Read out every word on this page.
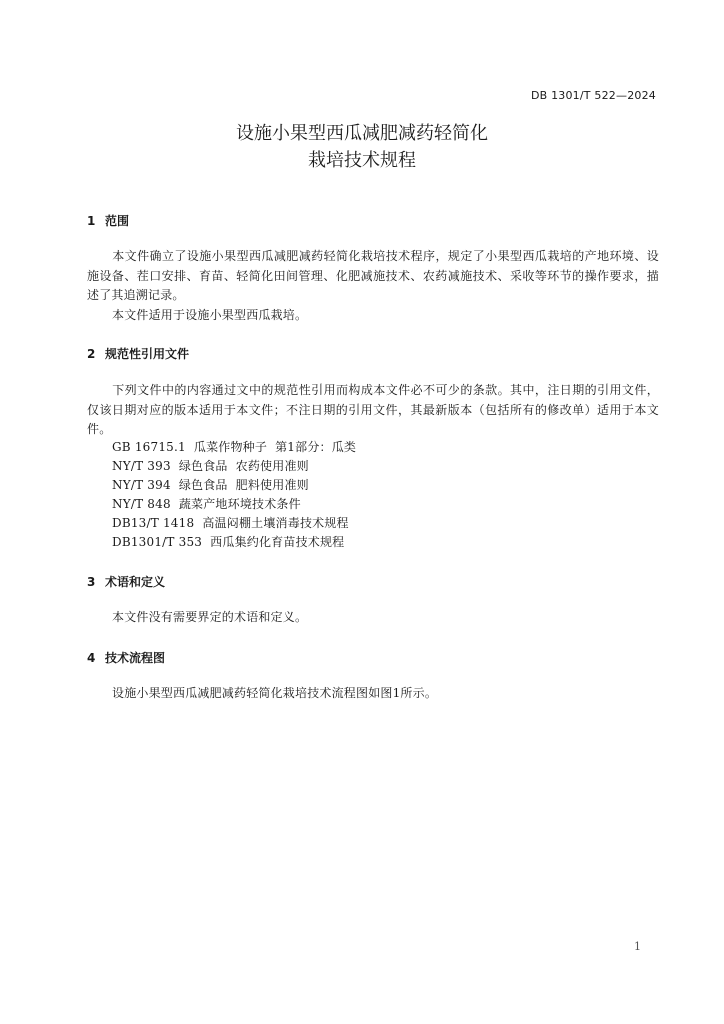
DB 1301/T 522—2024
设施小果型西瓜减肥减药轻简化
栽培技术规程
1 范围
本文件确立了设施小果型西瓜减肥减药轻简化栽培技术程序，规定了小果型西瓜栽培的产地环境、设施设备、茬口安排、育苗、轻简化田间管理、化肥减施技术、农药减施技术、采收等环节的操作要求，描述了其追溯记录。
本文件适用于设施小果型西瓜栽培。
2 规范性引用文件
下列文件中的内容通过文中的规范性引用而构成本文件必不可少的条款。其中，注日期的引用文件，仅该日期对应的版本适用于本文件；不注日期的引用文件，其最新版本（包括所有的修改单）适用于本文件。
GB 16715.1  瓜菜作物种子  第1部分：瓜类
NY/T 393  绿色食品  农药使用准则
NY/T 394  绿色食品  肥料使用准则
NY/T 848  蔬菜产地环境技术条件
DB13/T 1418  高温闷棚土壤消毒技术规程
DB1301/T 353  西瓜集约化育苗技术规程
3 术语和定义
本文件没有需要界定的术语和定义。
4 技术流程图
设施小果型西瓜减肥减药轻简化栽培技术流程图如图1所示。
1
